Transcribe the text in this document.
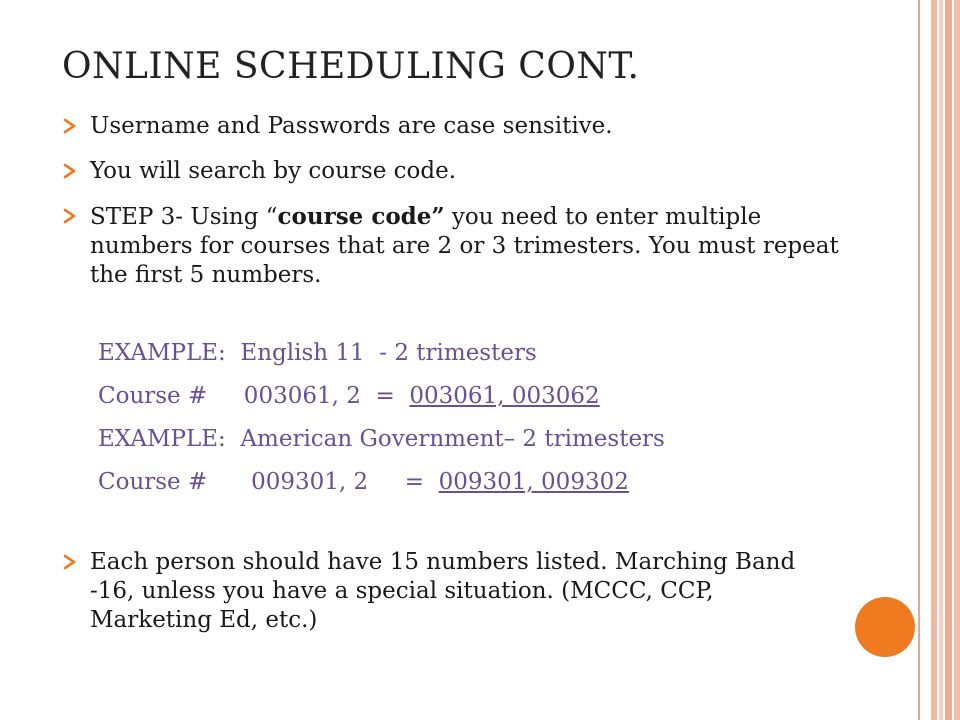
ONLINE SCHEDULING CONT.
Username and Passwords are case sensitive.
You will search by course code.
STEP 3- Using “course code” you need to enter multiple numbers for courses that are 2 or 3 trimesters. You must repeat the first 5 numbers.
EXAMPLE:  English 11  - 2 trimesters
Course #     003061, 2  =  003061, 003062
EXAMPLE:  American Government– 2 trimesters
Course #      009301, 2     =  009301, 009302
Each person should have 15 numbers listed. Marching Band -16, unless you have a special situation. (MCCC, CCP, Marketing Ed, etc.)
